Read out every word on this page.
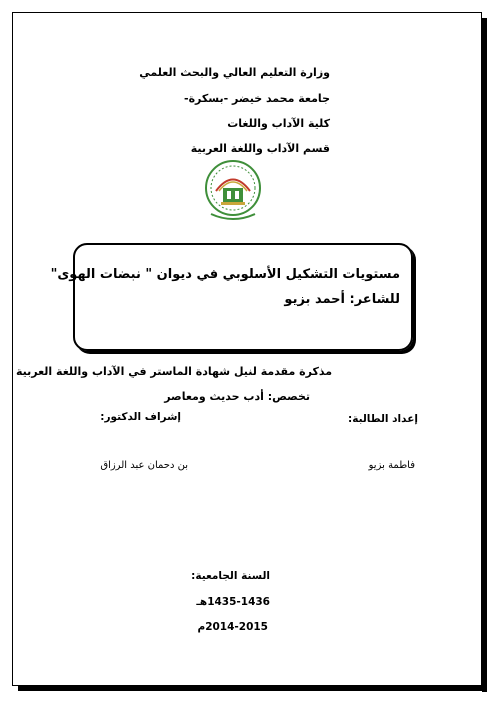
وزارة التعليم العالي والبحث العلمي
جامعة محمد خيضر -بسكرة-
كلية الآداب واللغات
قسم الآداب واللغة العربية
مستويات التشكيل الأسلوبي في ديوان " نبضات الهوى"
للشاعر: أحمد بزيو
مذكرة مقدمة لنيل شهادة الماستر في الآداب واللغة العربية
تخصص: أدب حديث ومعاصر
إعداد الطالبة:
فاطمة بزيو
إشراف الدكتور:
بن دحمان عبد الرزاق
السنة الجامعية:
1435-1436هـ
2014-2015م
